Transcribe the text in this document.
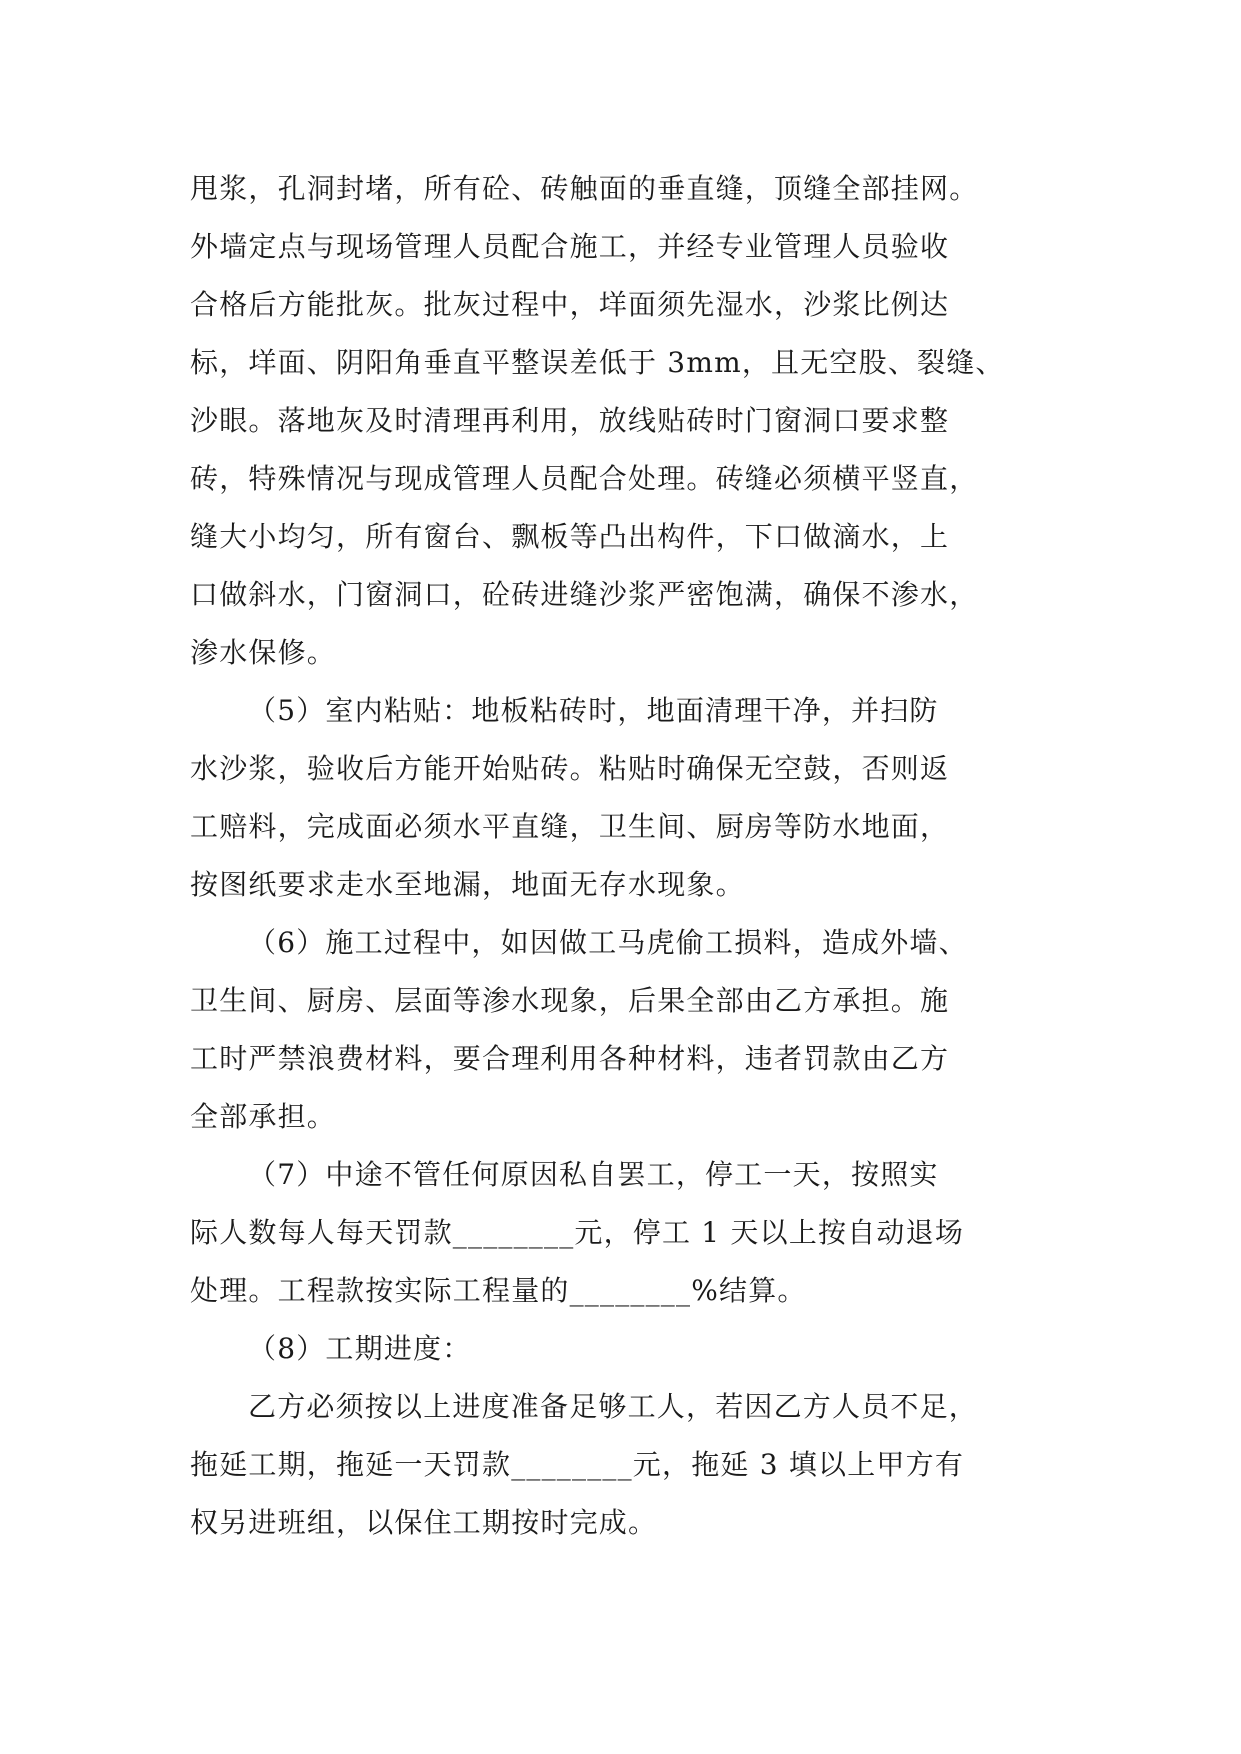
甩浆，孔洞封堵，所有砼、砖触面的垂直缝，顶缝全部挂网。
外墙定点与现场管理人员配合施工，并经专业管理人员验收
合格后方能批灰。批灰过程中，垟面须先湿水，沙浆比例达
标，垟面、阴阳角垂直平整误差低于 3mm，且无空股、裂缝、
沙眼。落地灰及时清理再利用，放线贴砖时门窗洞口要求整
砖，特殊情况与现成管理人员配合处理。砖缝必须横平竖直，
缝大小均匀，所有窗台、飘板等凸出构件，下口做滴水，上
口做斜水，门窗洞口，砼砖进缝沙浆严密饱满，确保不渗水，
渗水保修。
（5）室内粘贴：地板粘砖时，地面清理干净，并扫防
水沙浆，验收后方能开始贴砖。粘贴时确保无空鼓，否则返
工赔料，完成面必须水平直缝，卫生间、厨房等防水地面，
按图纸要求走水至地漏，地面无存水现象。
（6）施工过程中，如因做工马虎偷工损料，造成外墙、
卫生间、厨房、层面等渗水现象，后果全部由乙方承担。施
工时严禁浪费材料，要合理利用各种材料，违者罚款由乙方
全部承担。
（7）中途不管任何原因私自罢工，停工一天，按照实
际人数每人每天罚款________元，停工 1 天以上按自动退场
处理。工程款按实际工程量的________%结算。
（8）工期进度：
乙方必须按以上进度准备足够工人，若因乙方人员不足，
拖延工期，拖延一天罚款________元，拖延 3 填以上甲方有
权另进班组，以保住工期按时完成。
